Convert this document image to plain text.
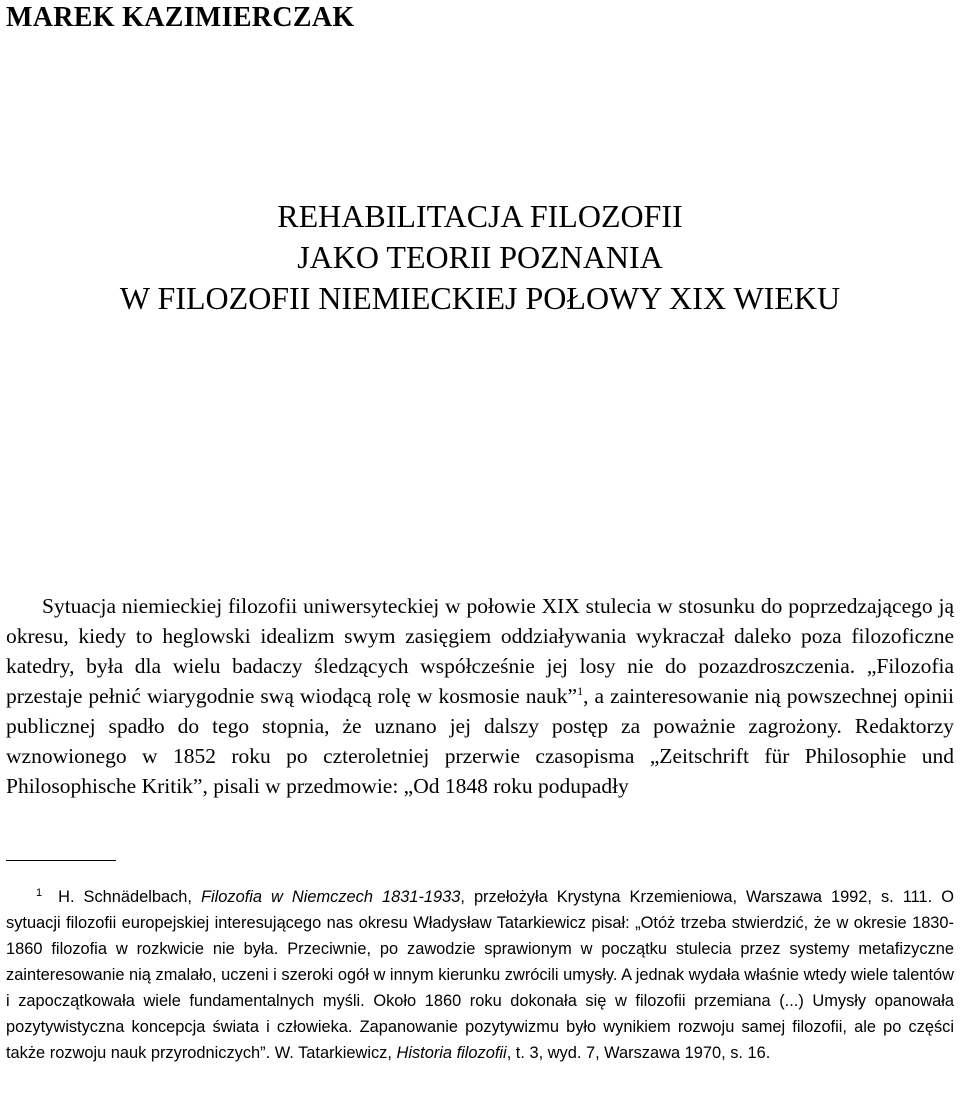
MAREK KAZIMIERCZAK
REHABILITACJA FILOZOFII
JAKO TEORII POZNANIA
W FILOZOFII NIEMIECKIEJ POŁOWY XIX WIEKU

Sytuacja niemieckiej filozofii uniwersyteckiej w połowie XIX stulecia w stosunku do poprzedzającego ją okresu, kiedy to heglowski idealizm swym zasięgiem oddziaływania wykraczał daleko poza filozoficzne katedry, była dla wielu badaczy śledzących współcześnie jej losy nie do pozazdroszczenia. „Filozofia przestaje pełnić wiarygodnie swą wiodącą rolę w kosmosie nauk”$^1$, a zainteresowanie nią powszechnej opinii publicznej spadło do tego stopnia, że uznano jej dalszy postęp za poważnie zagrożony. Redaktorzy wznowionego w 1852 roku po czteroletniej przerwie czasopisma „Zeitschrift für Philosophie und Philosophische Kritik”, pisali w przedmowie: „Od 1848 roku podupadły

$^1$ H. Schnädelbach, Filozofia w Niemczech 1831-1933, przełożyła Krystyna Krzemieniowa, Warszawa 1992, s. 111. O sytuacji filozofii europejskiej interesującego nas okresu Władysław Tatarkiewicz pisał: „Otóż trzeba stwierdzić, że w okresie 1830-1860 filozofia w rozkwicie nie była. Przeciwnie, po zawodzie sprawionym w początku stulecia przez systemy metafizyczne zainteresowanie nią zmalało, uczeni i szeroki ogół w innym kierunku zwrócili umysły. A jednak wydała właśnie wtedy wiele talentów i zapoczątkowała wiele fundamentalnych myśli. Około 1860 roku dokonała się w filozofii przemiana (...) Umysły opanowała pozytywistyczna koncepcja świata i człowieka. Zapanowanie pozytywizmu było wynikiem rozwoju samej filozofii, ale po części także rozwoju nauk przyrodniczych”. W. Tatarkiewicz, Historia filozofii, t. 3, wyd. 7, Warszawa 1970, s. 16.
